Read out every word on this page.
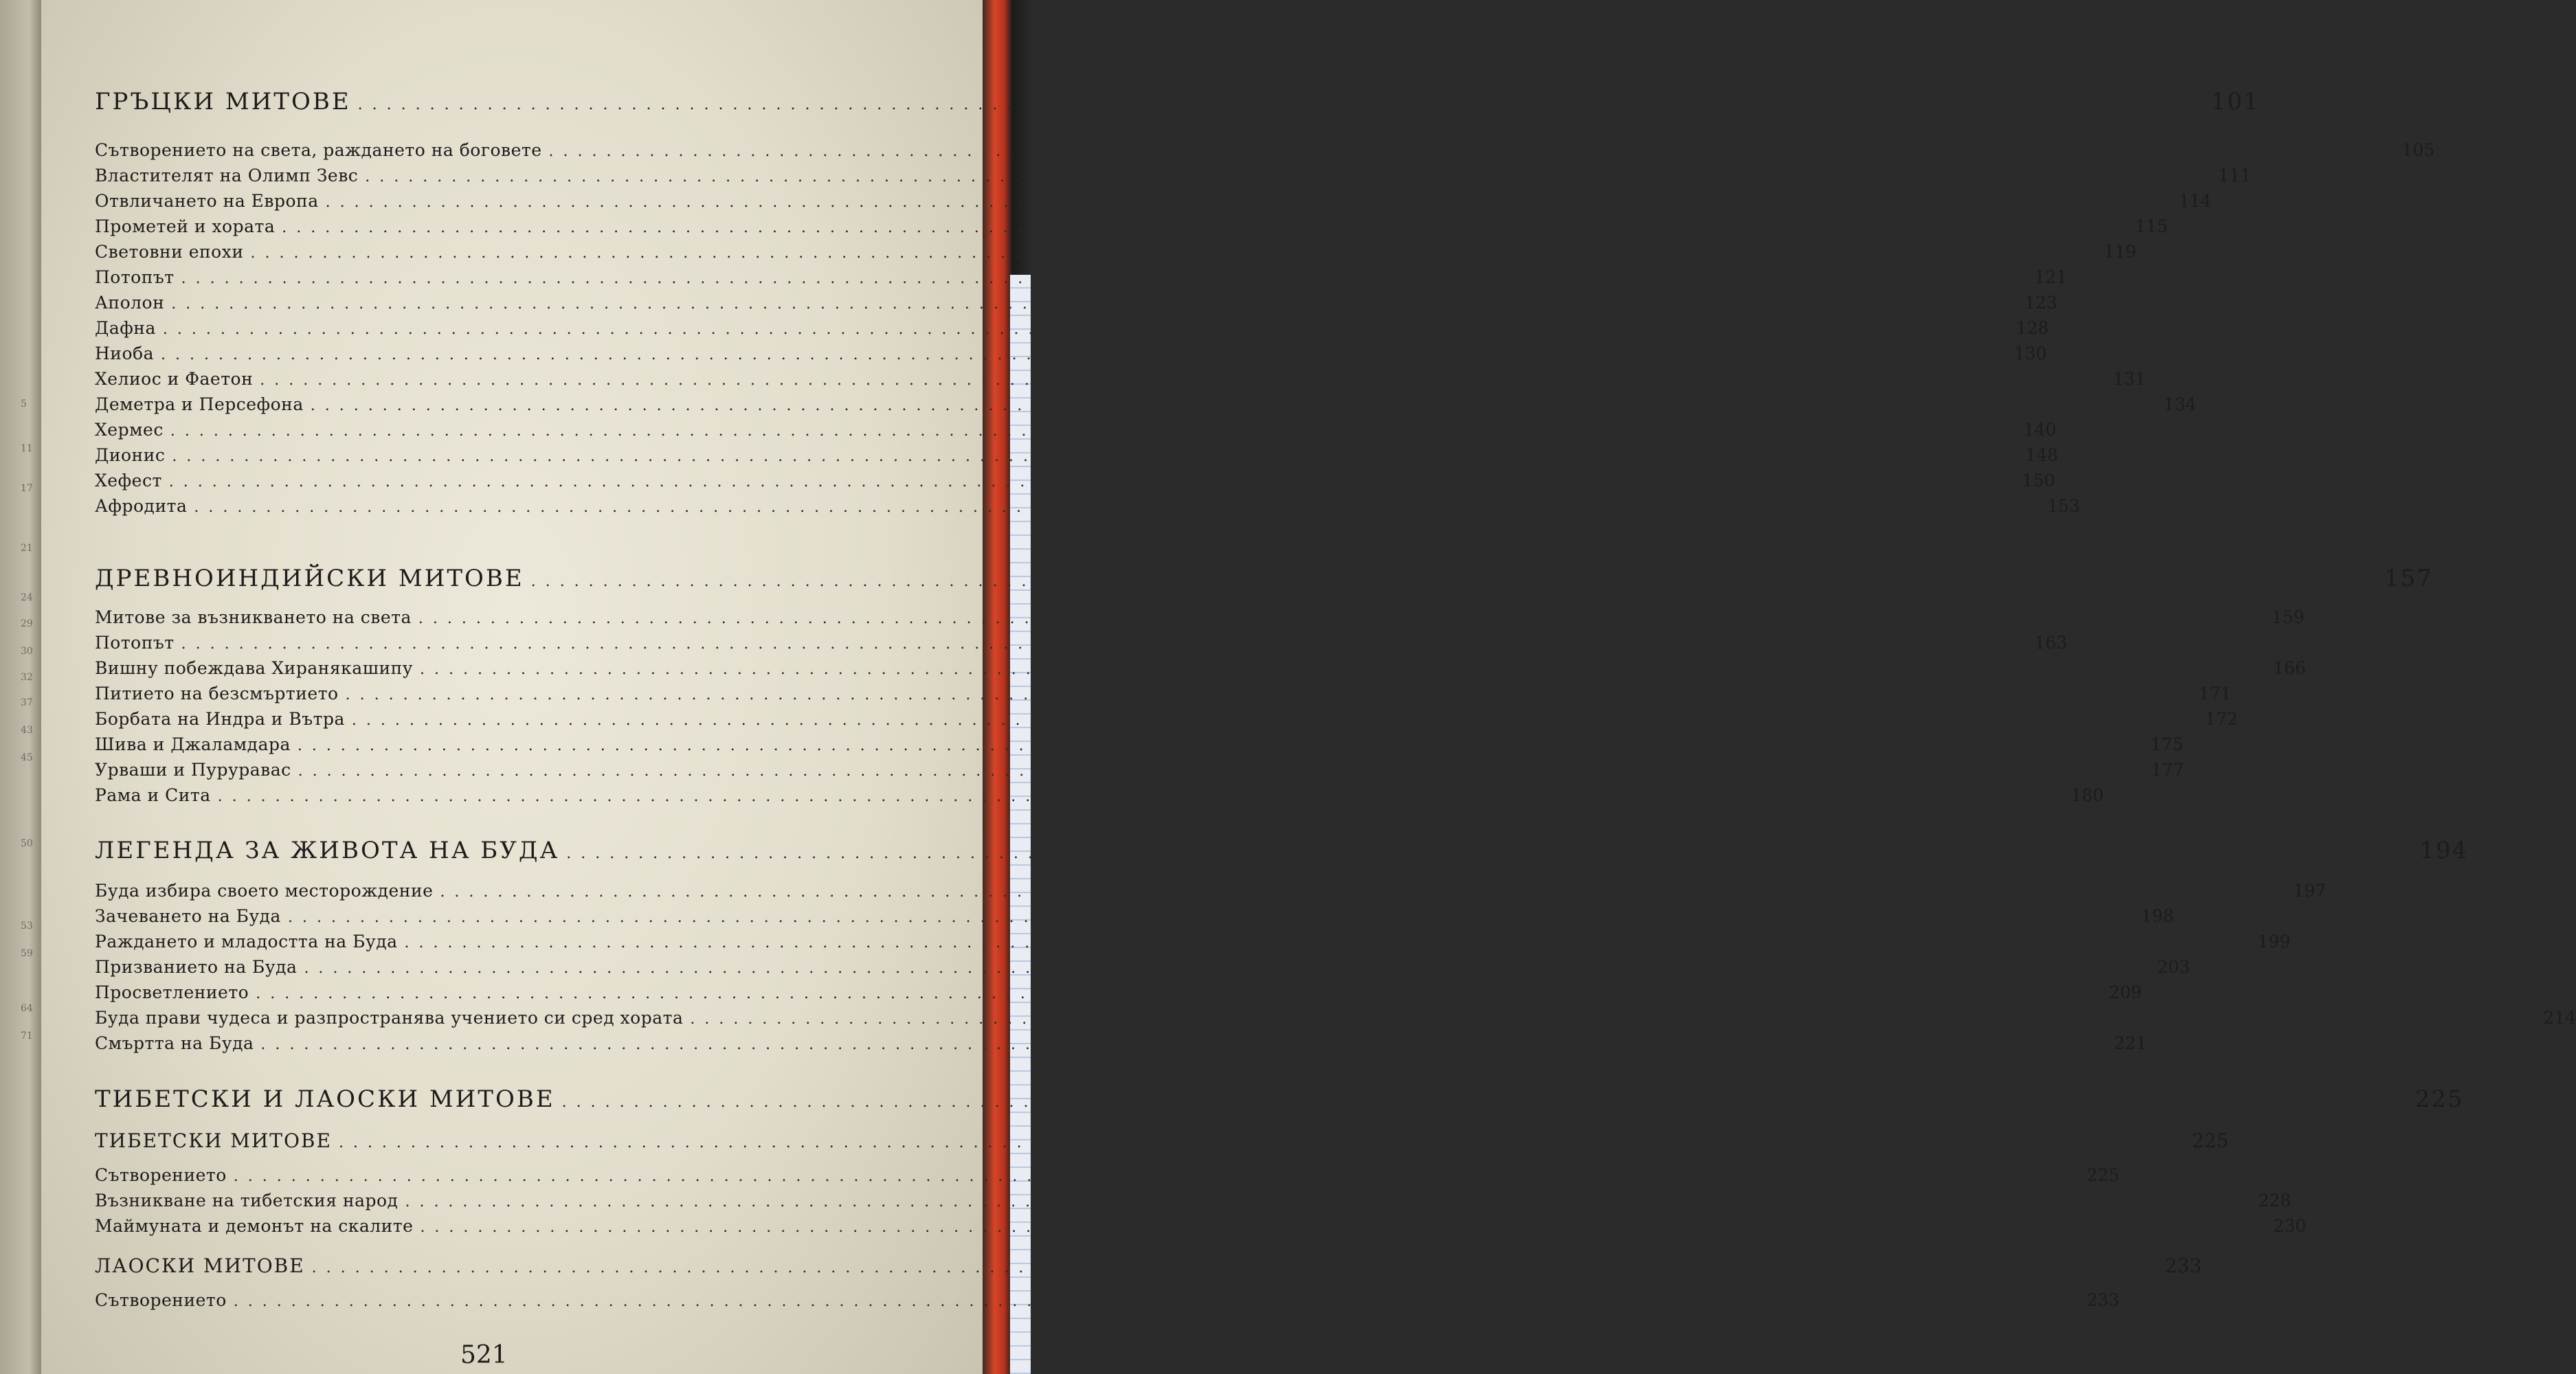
5
11
17
21
24
29
30
32
37
43
45
50
53
59
64
71
ГРЪЦКИ МИТОВЕ ................................................................................................................................ 101
Сътворението на света, раждането на боговете ................................................................................................................................ 105
Властителят на Олимп Зевс ................................................................................................................................ 111
Отвличането на Европа ................................................................................................................................ 114
Прометей и хората ................................................................................................................................ 115
Световни епохи ................................................................................................................................ 119
Потопът ................................................................................................................................ 121
Аполон ................................................................................................................................ 123
Дафна ................................................................................................................................ 128
Ниоба ................................................................................................................................ 130
Хелиос и Фаетон ................................................................................................................................ 131
Деметра и Персефона ................................................................................................................................ 134
Хермес ................................................................................................................................ 140
Дионис ................................................................................................................................ 148
Хефест ................................................................................................................................ 150
Афродита ................................................................................................................................ 153
ДРЕВНОИНДИЙСКИ МИТОВЕ ................................................................................................................................ 157
Митове за възникването на света ................................................................................................................................ 159
Потопът ................................................................................................................................ 163
Вишну побеждава Хиранякашипу ................................................................................................................................ 166
Питието на безсмъртието ................................................................................................................................ 171
Борбата на Индра и Вътра ................................................................................................................................ 172
Шива и Джаламдара ................................................................................................................................ 175
Урваши и Пуруравас ................................................................................................................................ 177
Рама и Сита ................................................................................................................................ 180
ЛЕГЕНДА ЗА ЖИВОТА НА БУДА ................................................................................................................................ 194
Буда избира своето месторождение ................................................................................................................................ 197
Зачеването на Буда ................................................................................................................................ 198
Раждането и младостта на Буда ................................................................................................................................ 199
Призванието на Буда ................................................................................................................................ 203
Просветлението ................................................................................................................................ 209
Буда прави чудеса и разпространява учението си сред хората ................................................................................................................................ 214
Смъртта на Буда ................................................................................................................................ 221
ТИБЕТСКИ И ЛАОСКИ МИТОВЕ ................................................................................................................................ 225
ТИБЕТСКИ МИТОВЕ ................................................................................................................................ 225
Сътворението ................................................................................................................................ 225
Възникване на тибетския народ ................................................................................................................................ 228
Маймуната и демонът на скалите ................................................................................................................................ 230
ЛАОСКИ МИТОВЕ ................................................................................................................................ 233
Сътворението ................................................................................................................................ 233
521
